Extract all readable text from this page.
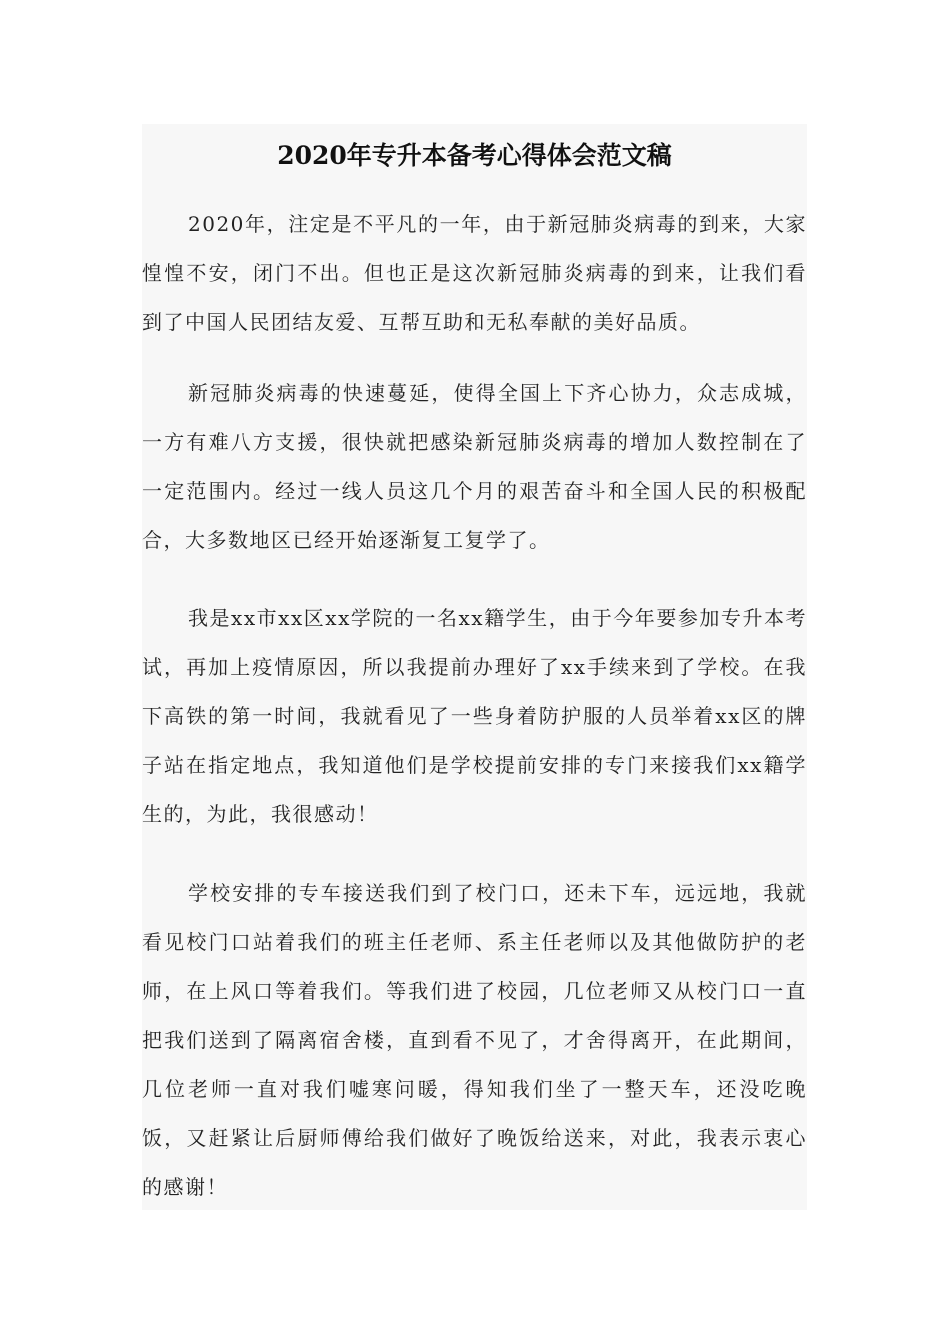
2020年专升本备考心得体会范文稿

2020年，注定是不平凡的一年，由于新冠肺炎病毒的到来，大家惶惶不安，闭门不出。但也正是这次新冠肺炎病毒的到来，让我们看到了中国人民团结友爱、互帮互助和无私奉献的美好品质。

新冠肺炎病毒的快速蔓延，使得全国上下齐心协力，众志成城，一方有难八方支援，很快就把感染新冠肺炎病毒的增加人数控制在了一定范围内。经过一线人员这几个月的艰苦奋斗和全国人民的积极配合，大多数地区已经开始逐渐复工复学了。

我是xx市xx区xx学院的一名xx籍学生，由于今年要参加专升本考试，再加上疫情原因，所以我提前办理好了xx手续来到了学校。在我下高铁的第一时间，我就看见了一些身着防护服的人员举着xx区的牌子站在指定地点，我知道他们是学校提前安排的专门来接我们xx籍学生的，为此，我很感动！

学校安排的专车接送我们到了校门口，还未下车，远远地，我就看见校门口站着我们的班主任老师、系主任老师以及其他做防护的老师，在上风口等着我们。等我们进了校园，几位老师又从校门口一直把我们送到了隔离宿舍楼，直到看不见了，才舍得离开，在此期间，几位老师一直对我们嘘寒问暖，得知我们坐了一整天车，还没吃晚饭，又赶紧让后厨师傅给我们做好了晚饭给送来，对此，我表示衷心的感谢！
